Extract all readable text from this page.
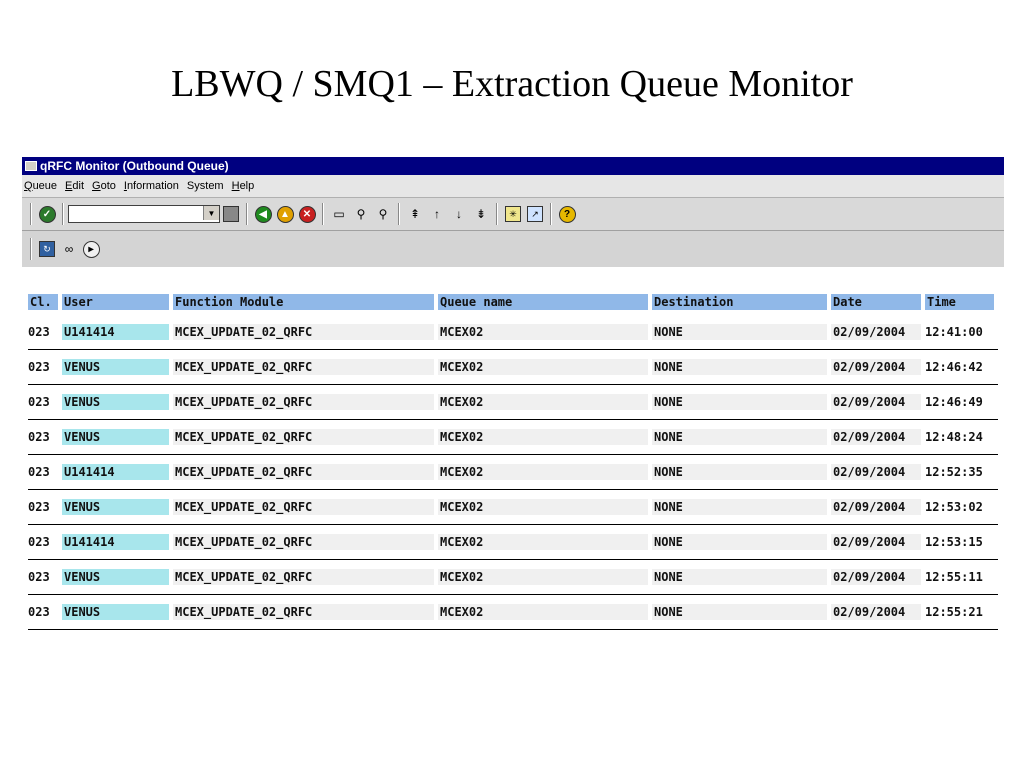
LBWQ / SMQ1 – Extraction Queue Monitor
qRFC Monitor (Outbound Queue)
Queue Edit Goto Information System Help
✓	▼	◀	▲	✕	▭ ⚲ ⚲ ⇞ ↑ ↓ ⇟	✳	↗	?
↻	∞	▸
Cl.	User	Function Module	Queue name	Destination	Date	Time

023	U141414	MCEX_UPDATE_02_QRFC	MCEX02	NONE	02/09/2004	12:41:00

023	VENUS	MCEX_UPDATE_02_QRFC	MCEX02	NONE	02/09/2004	12:46:42

023	VENUS	MCEX_UPDATE_02_QRFC	MCEX02	NONE	02/09/2004	12:46:49

023	VENUS	MCEX_UPDATE_02_QRFC	MCEX02	NONE	02/09/2004	12:48:24

023	U141414	MCEX_UPDATE_02_QRFC	MCEX02	NONE	02/09/2004	12:52:35

023	VENUS	MCEX_UPDATE_02_QRFC	MCEX02	NONE	02/09/2004	12:53:02

023	U141414	MCEX_UPDATE_02_QRFC	MCEX02	NONE	02/09/2004	12:53:15

023	VENUS	MCEX_UPDATE_02_QRFC	MCEX02	NONE	02/09/2004	12:55:11

023	VENUS	MCEX_UPDATE_02_QRFC	MCEX02	NONE	02/09/2004	12:55:21
